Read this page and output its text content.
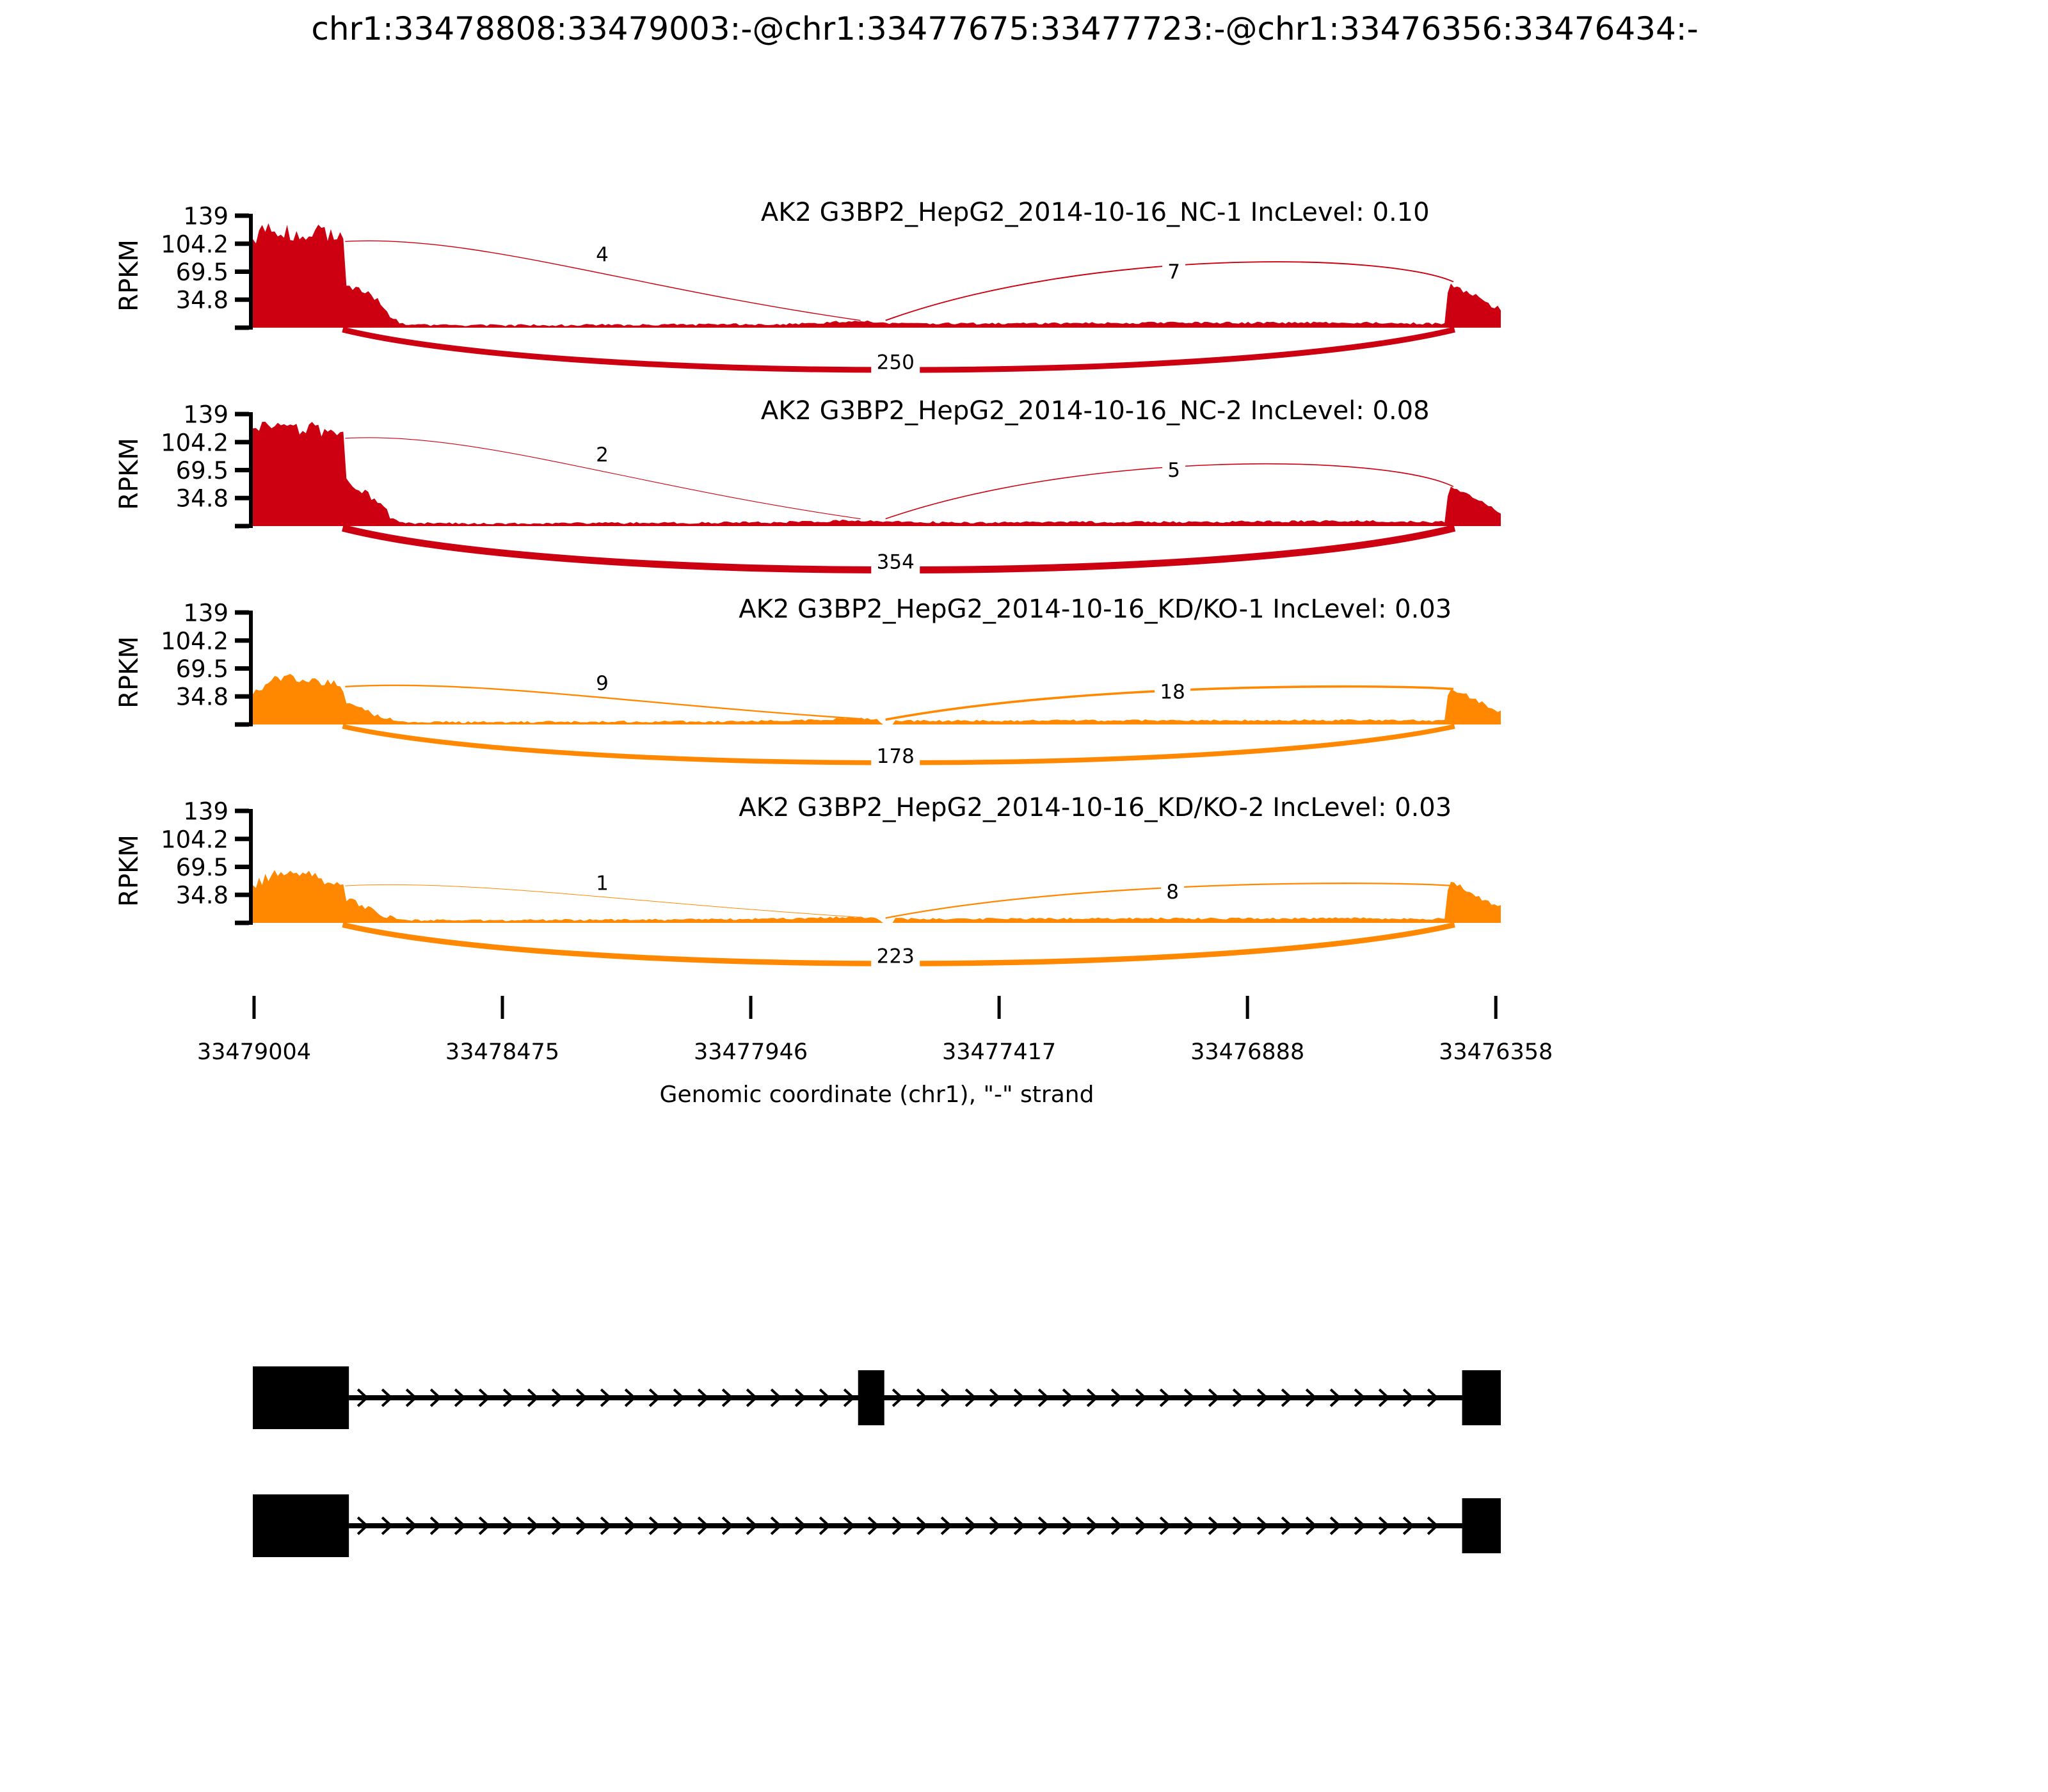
chr1:33478808:33479003:-@chr1:33477675:33477723:-@chr1:33476356:33476434:-
139
104.2
69.5
34.8
RPKM	4
7
250
AK2 G3BP2_HepG2_2014-10-16_NC-1 IncLevel: 0.10
139
104.2
69.5
34.8
RPKM	2
5
354
AK2 G3BP2_HepG2_2014-10-16_NC-2 IncLevel: 0.08
139
104.2
69.5
34.8
RPKM	9	18
178
AK2 G3BP2_HepG2_2014-10-16_KD/KO-1 IncLevel: 0.03
139
104.2
69.5
34.8
RPKM	1	8
223
AK2 G3BP2_HepG2_2014-10-16_KD/KO-2 IncLevel: 0.03
33479004	33478475	33477946	33477417	33476888	33476358
Genomic coordinate (chr1), "-" strand
